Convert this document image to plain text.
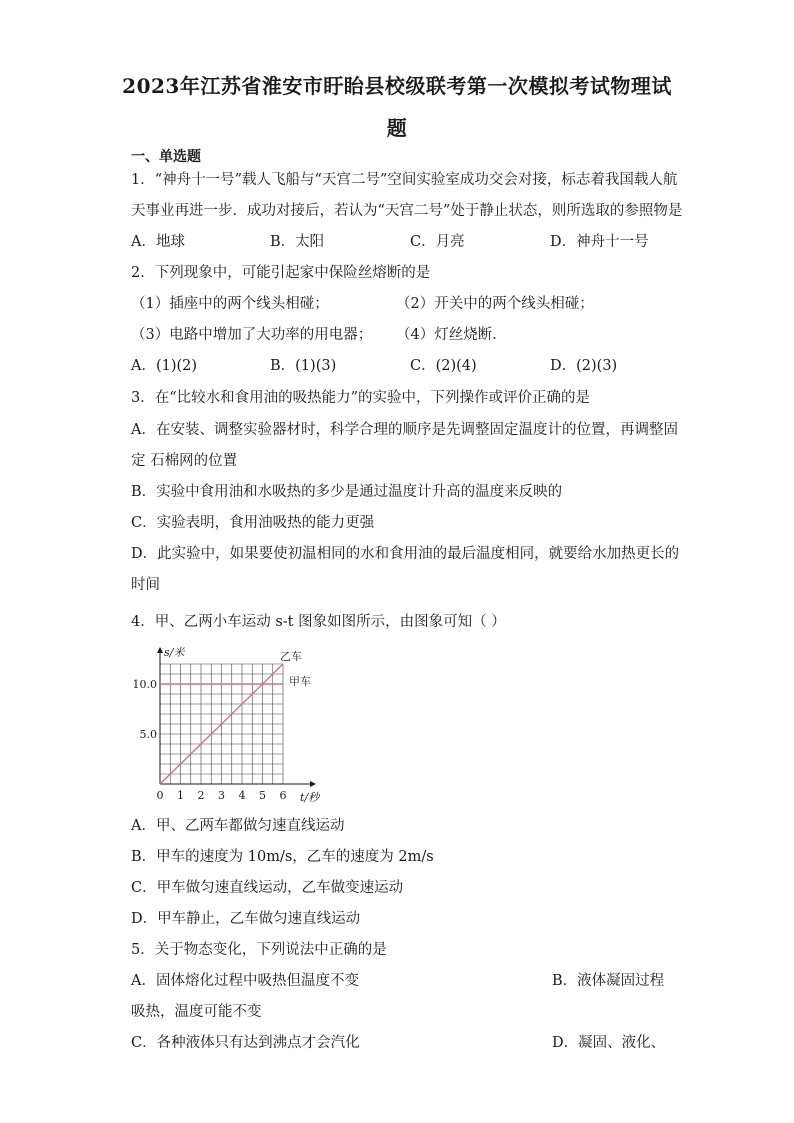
2023年江苏省淮安市盱眙县校级联考第一次模拟考试物理试
题
一、单选题
1．“神舟十一号”载人飞船与“天宫二号”空间实验室成功交会对接，标志着我国载人航
天事业再进一步．成功对接后，若认为“天宫二号”处于静止状态，则所选取的参照物是
A．地球	B．太阳	C．月亮	D．神舟十一号
2．下列现象中，可能引起家中保险丝熔断的是
（1）插座中的两个线头相碰；	（2）开关中的两个线头相碰；
（3）电路中增加了大功率的用电器； （4）灯丝烧断．
A．(1)(2)	B．(1)(3)	C．(2)(4)	D．(2)(3)
3．在“比较水和食用油的吸热能力”的实验中，下列操作或评价正确的是
A．在安装、调整实验器材时，科学合理的顺序是先调整固定温度计的位置，再调整固
定 石棉网的位置
B．实验中食用油和水吸热的多少是通过温度计升高的温度来反映的
C．实验表明，食用油吸热的能力更强
D．此实验中，如果要使初温相同的水和食用油的最后温度相同，就要给水加热更长的
时间
4．甲、乙两小车运动 s-t 图象如图所示，由图象可知（ ）
甲车
乙车
0 1 2 3 4 5 6
5.0
10.0
s/米
t/秒
A．甲、乙两车都做匀速直线运动
B．甲车的速度为 10m/s，乙车的速度为 2m/s
C．甲车做匀速直线运动，乙车做变速运动
D．甲车静止，乙车做匀速直线运动
5．关于物态变化，下列说法中正确的是
A．固体熔化过程中吸热但温度不变	B．液体凝固过程
吸热，温度可能不变
C．各种液体只有达到沸点才会汽化	D．凝固、液化、
